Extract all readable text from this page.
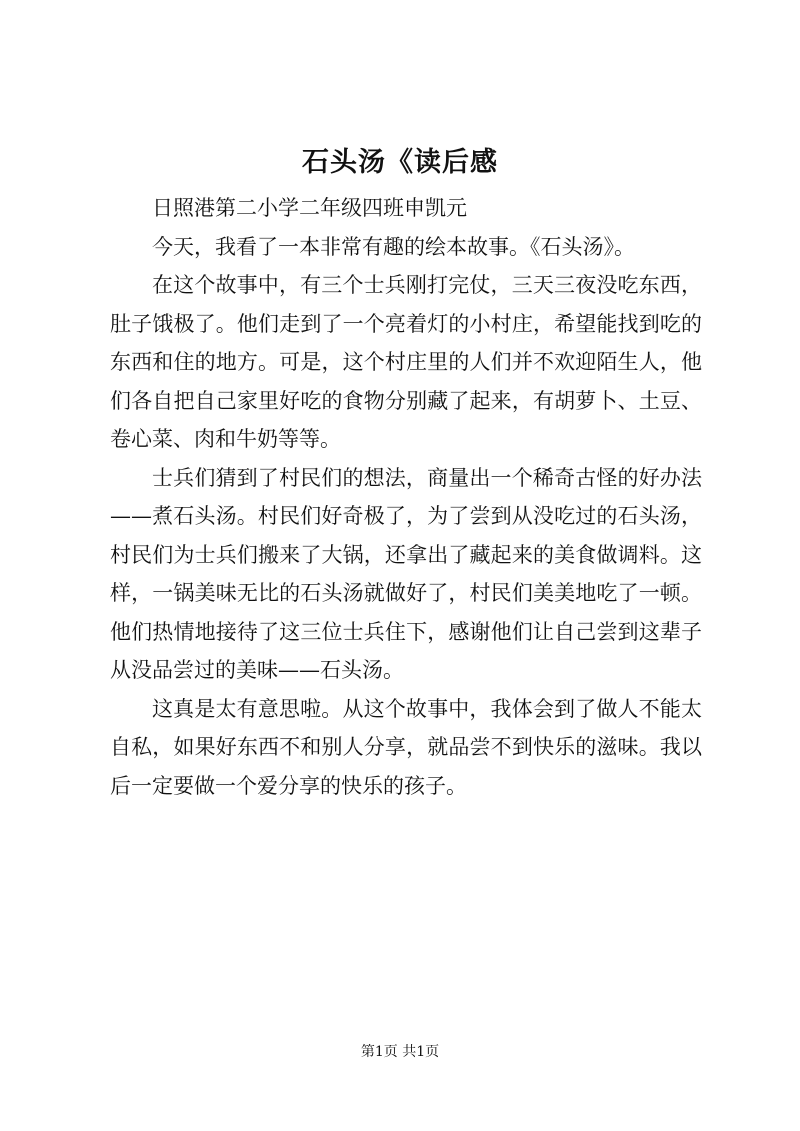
石头汤《读后感

日照港第二小学二年级四班申凯元

今天，我看了一本非常有趣的绘本故事。《石头汤》。

在这个故事中，有三个士兵刚打完仗，三天三夜没吃东西，肚子饿极了。他们走到了一个亮着灯的小村庄，希望能找到吃的东西和住的地方。可是，这个村庄里的人们并不欢迎陌生人，他们各自把自己家里好吃的食物分别藏了起来，有胡萝卜、土豆、卷心菜、肉和牛奶等等。

士兵们猜到了村民们的想法，商量出一个稀奇古怪的好办法——煮石头汤。村民们好奇极了，为了尝到从没吃过的石头汤，村民们为士兵们搬来了大锅，还拿出了藏起来的美食做调料。这样，一锅美味无比的石头汤就做好了，村民们美美地吃了一顿。他们热情地接待了这三位士兵住下，感谢他们让自己尝到这辈子从没品尝过的美味——石头汤。

这真是太有意思啦。从这个故事中，我体会到了做人不能太自私，如果好东西不和别人分享，就品尝不到快乐的滋味。我以后一定要做一个爱分享的快乐的孩子。

第1页 共1页
